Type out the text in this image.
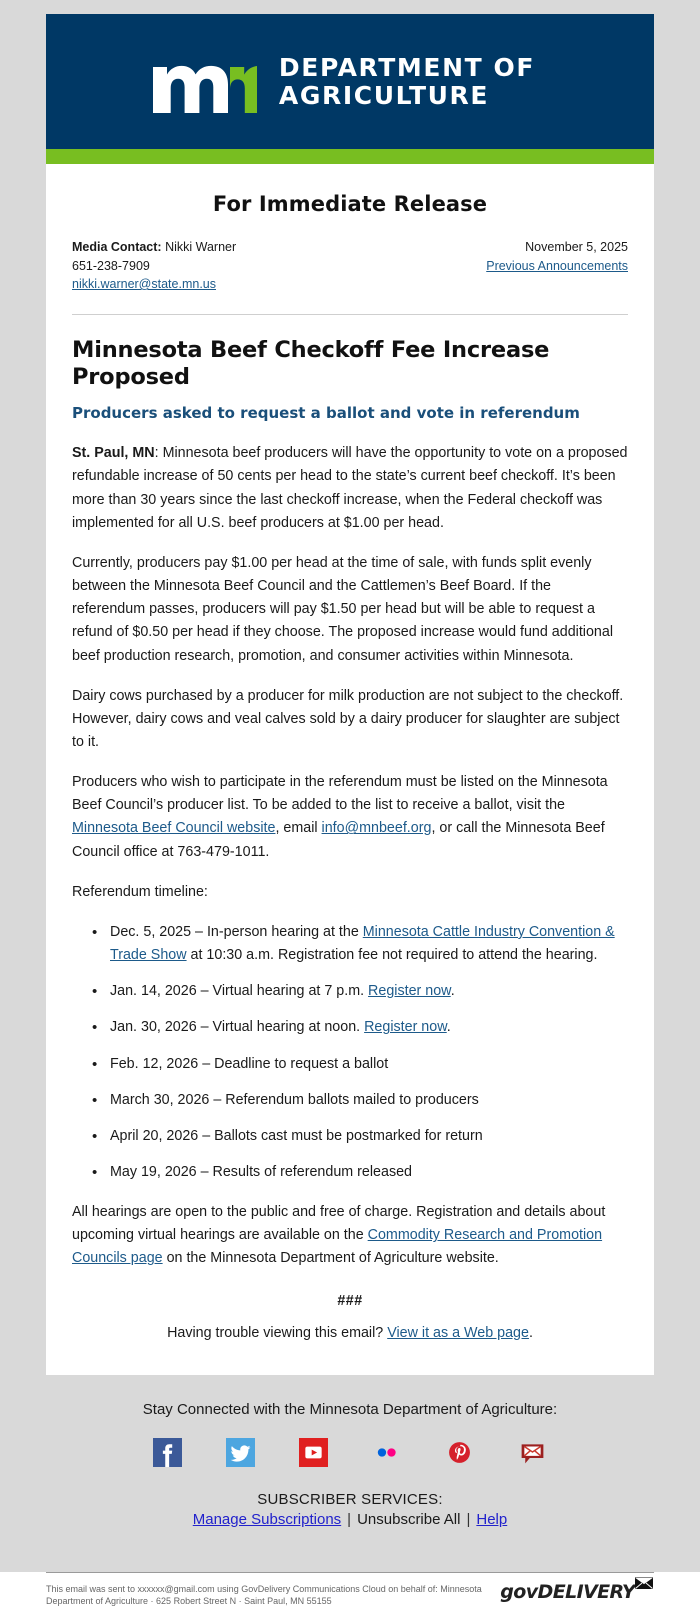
DEPARTMENT OF
AGRICULTURE
For Immediate Release
Media Contact: Nikki Warner
651-238-7909
nikki.warner@state.mn.us
November 5, 2025
Previous Announcements
Minnesota Beef Checkoff Fee Increase Proposed
Producers asked to request a ballot and vote in referendum

St. Paul, MN: Minnesota beef producers will have the opportunity to vote on a proposed refundable increase of 50 cents per head to the state’s current beef checkoff. It’s been more than 30 years since the last checkoff increase, when the Federal checkoff was implemented for all U.S. beef producers at $1.00 per head.

Currently, producers pay $1.00 per head at the time of sale, with funds split evenly between the Minnesota Beef Council and the Cattlemen’s Beef Board. If the referendum passes, producers will pay $1.50 per head but will be able to request a refund of $0.50 per head if they choose. The proposed increase would fund additional beef production research, promotion, and consumer activities within Minnesota.

Dairy cows purchased by a producer for milk production are not subject to the checkoff. However, dairy cows and veal calves sold by a dairy producer for slaughter are subject to it.

Producers who wish to participate in the referendum must be listed on the Minnesota Beef Council’s producer list. To be added to the list to receive a ballot, visit the Minnesota Beef Council website, email info@mnbeef.org, or call the Minnesota Beef Council office at 763-479-1011.

Referendum timeline:

• Dec. 5, 2025 – In-person hearing at the Minnesota Cattle Industry Convention & Trade Show at 10:30 a.m. Registration fee not required to attend the hearing.
• Jan. 14, 2026 – Virtual hearing at 7 p.m. Register now.
• Jan. 30, 2026 – Virtual hearing at noon. Register now.
• Feb. 12, 2026 – Deadline to request a ballot
• March 30, 2026 – Referendum ballots mailed to producers
• April 20, 2026 – Ballots cast must be postmarked for return
• May 19, 2026 – Results of referendum released

All hearings are open to the public and free of charge. Registration and details about upcoming virtual hearings are available on the Commodity Research and Promotion Councils page on the Minnesota Department of Agriculture website.

###
Having trouble viewing this email? View it as a Web page.
Stay Connected with the Minnesota Department of Agriculture:
SUBSCRIBER SERVICES:
Manage Subscriptions | Unsubscribe All | Help
This email was sent to xxxxxx@gmail.com using GovDelivery Communications Cloud on behalf of: Minnesota
Department of Agriculture · 625 Robert Street N · Saint Paul, MN 55155	govDELIVERY
